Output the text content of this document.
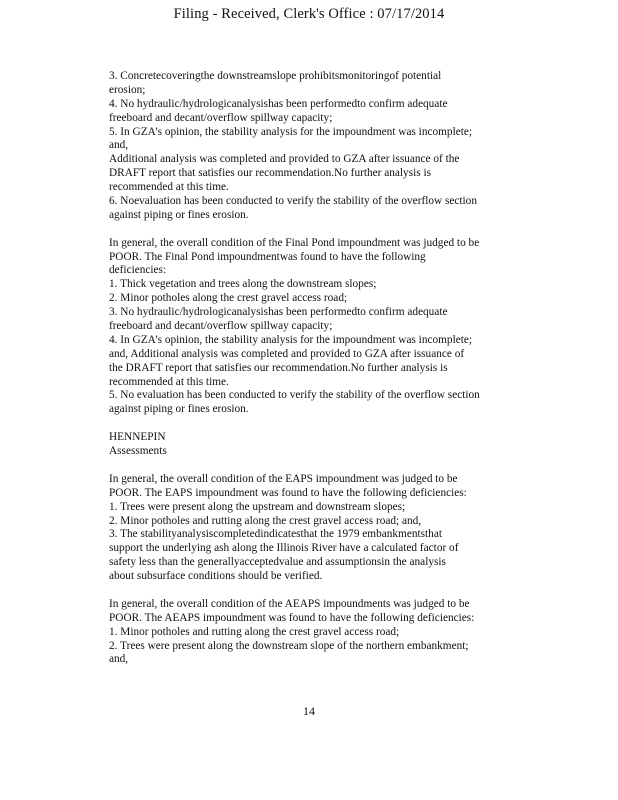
Filing - Received, Clerk's Office : 07/17/2014
3. Concretecoveringthe downstreamslope prohibitsmonitoringof potential
erosion;
4. No hydraulic/hydrologicanalysishas been performedto confirm adequate
freeboard and decant/overflow spillway capacity;
5. In GZA’s opinion, the stability analysis for the impoundment was incomplete;
and,
Additional analysis was completed and provided to GZA after issuance of the
DRAFT report that satisfies our recommendation.No further analysis is
recommended at this time.
6. Noevaluation has been conducted to verify the stability of the overflow section
against piping or fines erosion.
In general, the overall condition of the Final Pond impoundment was judged to be
POOR. The Final Pond impoundmentwas found to have the following
deficiencies:
1. Thick vegetation and trees along the downstream slopes;
2. Minor potholes along the crest gravel access road;
3. No hydraulic/hydrologicanalysishas been performedto confirm adequate
freeboard and decant/overflow spillway capacity;
4. In GZA’s opinion, the stability analysis for the impoundment was incomplete;
and, Additional analysis was completed and provided to GZA after issuance of
the DRAFT report that satisfies our recommendation.No further analysis is
recommended at this time.
5. No evaluation has been conducted to verify the stability of the overflow section
against piping or fines erosion.
HENNEPIN
Assessments
In general, the overall condition of the EAPS impoundment was judged to be
POOR. The EAPS impoundment was found to have the following deficiencies:
1. Trees were present along the upstream and downstream slopes;
2. Minor potholes and rutting along the crest gravel access road; and,
3. The stabilityanalysiscompletedindicatesthat the 1979 embankmentsthat
support the underlying ash along the Illinois River have a calculated factor of
safety less than the generallyacceptedvalue and assumptionsin the analysis
about subsurface conditions should be verified.
In general, the overall condition of the AEAPS impoundments was judged to be
POOR. The AEAPS impoundment was found to have the following deficiencies:
1. Minor potholes and rutting along the crest gravel access road;
2. Trees were present along the downstream slope of the northern embankment;
and,
14
